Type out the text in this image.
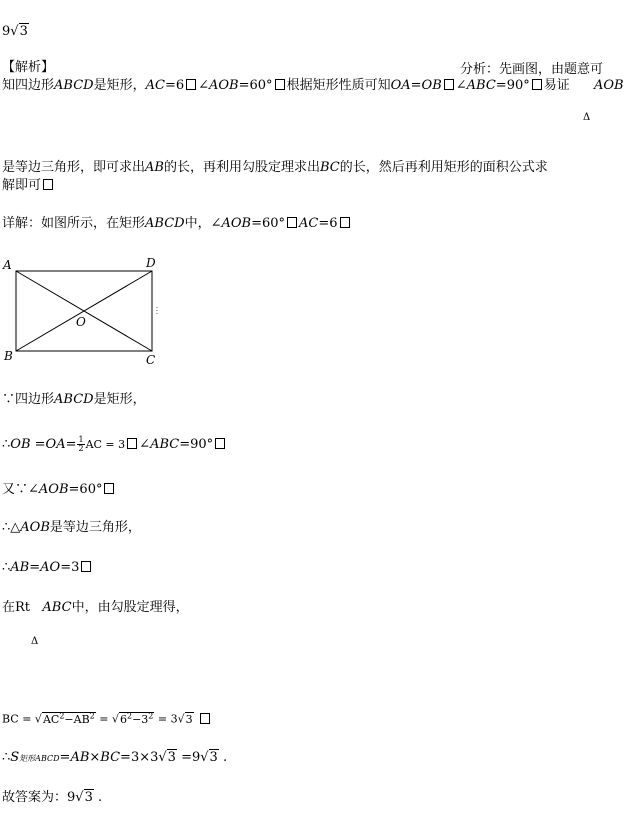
9√3
【解析】	分析：先画图，由题意可
知四边形ABCD是矩形，AC=6 ∠AOB=60° 根据矩形性质可知OA=OB ∠ABC=90° 易证 AOB
Δ
是等边三角形，即可求出AB的长，再利用勾股定理求出BC的长，然后再利用矩形的面积公式求
解即可
详解：如图所示，在矩形ABCD中，∠AOB=60° AC=6
A	D
O
B	C
∵四边形ABCD是矩形，
∴OB $=OA= \frac{1}{2}$ AC = 3 ∠ABC=90°
又∵∠AOB=60°
∴△AOB是等边三角形，
∴AB=AO=3
在Rt ABC中，由勾股定理得，
Δ
BC = $√AC^2-AB^2 = √6^2-3^2 = 3√3$
∴S矩形ABCD=AB×BC=3×3√3 =9√3 .
故答案为：9√3 .
